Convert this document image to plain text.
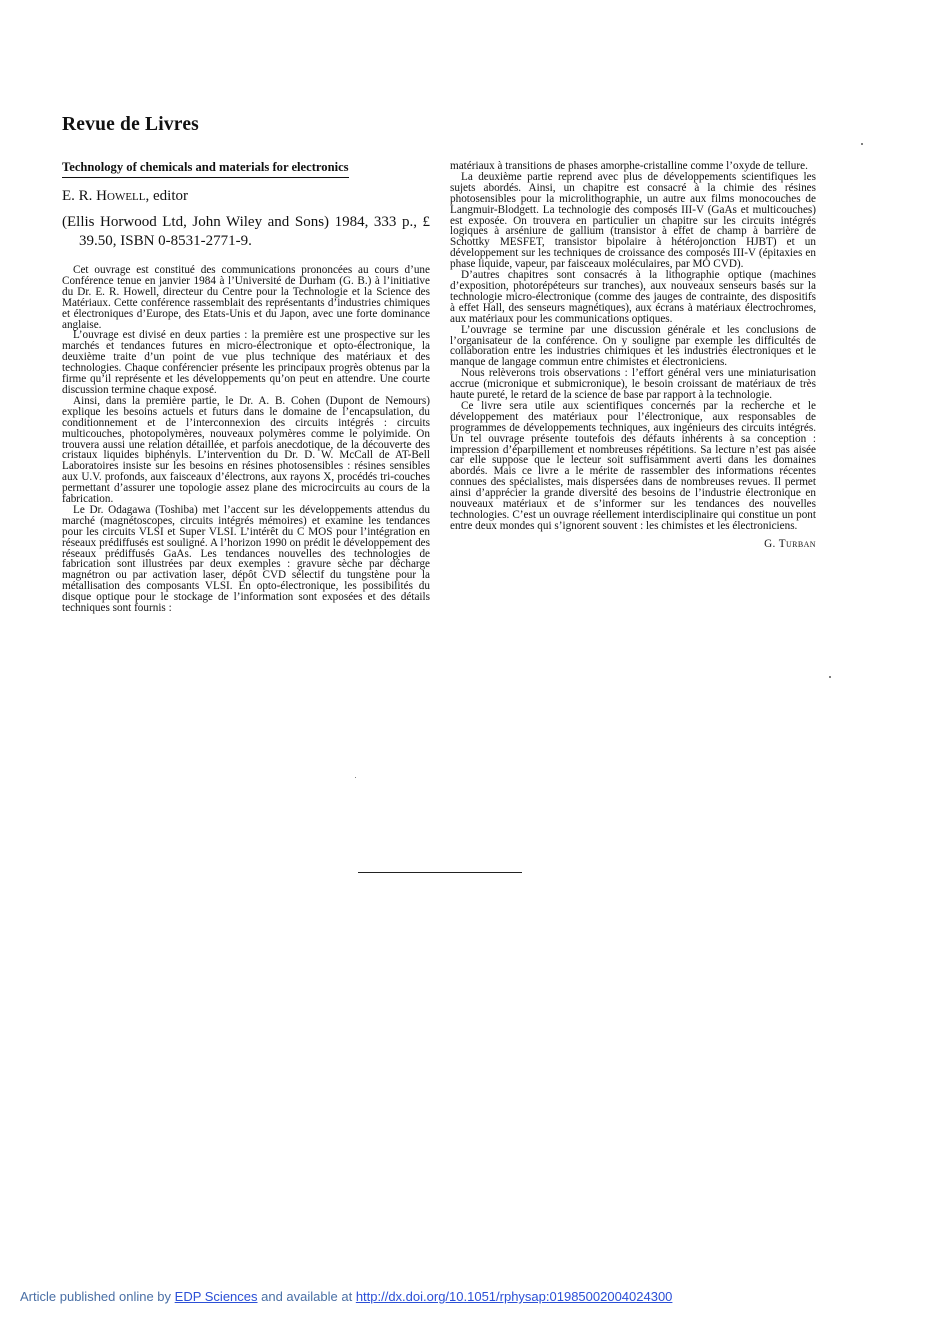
Revue de Livres
Technology of chemicals and materials for electronics

E. R. Howell, editor

(Ellis Horwood Ltd, John Wiley and Sons) 1984, 333 p., £ 39.50, ISBN 0-8531-2771-9.

Cet ouvrage est constitué des communications prononcées au cours d’une Conférence tenue en janvier 1984 à l’Université de Durham (G. B.) à l’initiative du Dr. E. R. Howell, directeur du Centre pour la Technologie et la Science des Matériaux. Cette conférence rassemblait des représentants d’industries chimiques et électroniques d’Europe, des Etats-Unis et du Japon, avec une forte dominance anglaise.

L’ouvrage est divisé en deux parties : la première est une prospective sur les marchés et tendances futures en micro-électronique et opto-électronique, la deuxième traite d’un point de vue plus technique des matériaux et des technologies. Chaque conférencier présente les principaux progrès obtenus par la firme qu’il représente et les développements qu’on peut en attendre. Une courte discussion termine chaque exposé.

Ainsi, dans la première partie, le Dr. A. B. Cohen (Dupont de Nemours) explique les besoins actuels et futurs dans le domaine de l’encapsulation, du conditionnement et de l’interconnexion des circuits intégrés : circuits multicouches, photopolymères, nouveaux polymères comme le polyimide. On trouvera aussi une relation détaillée, et parfois anecdotique, de la découverte des cristaux liquides biphényls. L’intervention du Dr. D. W. McCall de AT-Bell Laboratoires insiste sur les besoins en résines photosensibles : résines sensibles aux U.V. profonds, aux faisceaux d’électrons, aux rayons X, procédés tri-couches permettant d’assurer une topologie assez plane des microcircuits au cours de la fabrication.

Le Dr. Odagawa (Toshiba) met l’accent sur les développements attendus du marché (magnétoscopes, circuits intégrés mémoires) et examine les tendances pour les circuits VLSI et Super VLSI. L’intérêt du C MOS pour l’intégration en réseaux prédiffusés est souligné. A l’horizon 1990 on prédit le développement des réseaux prédiffusés GaAs. Les tendances nouvelles des technologies de fabrication sont illustrées par deux exemples : gravure sèche par décharge magnétron ou par activation laser, dépôt CVD sélectif du tungstène pour la métallisation des composants VLSI. En opto-électronique, les possibilités du disque optique pour le stockage de l’information sont exposées et des détails techniques sont fournis :

matériaux à transitions de phases amorphe-cristalline comme l’oxyde de tellure.

La deuxième partie reprend avec plus de développements scientifiques les sujets abordés. Ainsi, un chapitre est consacré à la chimie des résines photosensibles pour la microlithographie, un autre aux films monocouches de Langmuir-Blodgett. La technologie des composés III-V (GaAs et multicouches) est exposée. On trouvera en particulier un chapitre sur les circuits intégrés logiques à arséniure de gallium (transistor à effet de champ à barrière de Schottky MESFET, transistor bipolaire à hétérojonction HJBT) et un développement sur les techniques de croissance des composés III-V (épitaxies en phase liquide, vapeur, par faisceaux moléculaires, par MO CVD).

D’autres chapitres sont consacrés à la lithographie optique (machines d’exposition, photorépéteurs sur tranches), aux nouveaux senseurs basés sur la technologie micro-électronique (comme des jauges de contrainte, des dispositifs à effet Hall, des senseurs magnétiques), aux écrans à matériaux électrochromes, aux matériaux pour les communications optiques.

L’ouvrage se termine par une discussion générale et les conclusions de l’organisateur de la conférence. On y souligne par exemple les difficultés de collaboration entre les industries chimiques et les industries électroniques et le manque de langage commun entre chimistes et électroniciens.

Nous relèverons trois observations : l’effort général vers une miniaturisation accrue (micronique et submicronique), le besoin croissant de matériaux de très haute pureté, le retard de la science de base par rapport à la technologie.

Ce livre sera utile aux scientifiques concernés par la recherche et le développement des matériaux pour l’électronique, aux responsables de programmes de développements techniques, aux ingénieurs des circuits intégrés. Un tel ouvrage présente toutefois des défauts inhérents à sa conception : impression d’éparpillement et nombreuses répétitions. Sa lecture n’est pas aisée car elle suppose que le lecteur soit suffisamment averti dans les domaines abordés. Mais ce livre a le mérite de rassembler des informations récentes connues des spécialistes, mais dispersées dans de nombreuses revues. Il permet ainsi d’apprécier la grande diversité des besoins de l’industrie électronique en nouveaux matériaux et de s’informer sur les tendances des nouvelles technologies. C’est un ouvrage réellement interdisciplinaire qui constitue un pont entre deux mondes qui s’ignorent souvent : les chimistes et les électroniciens.

G. Turban
Article published online by EDP Sciences and available at http://dx.doi.org/10.1051/rphysap:01985002004024300
